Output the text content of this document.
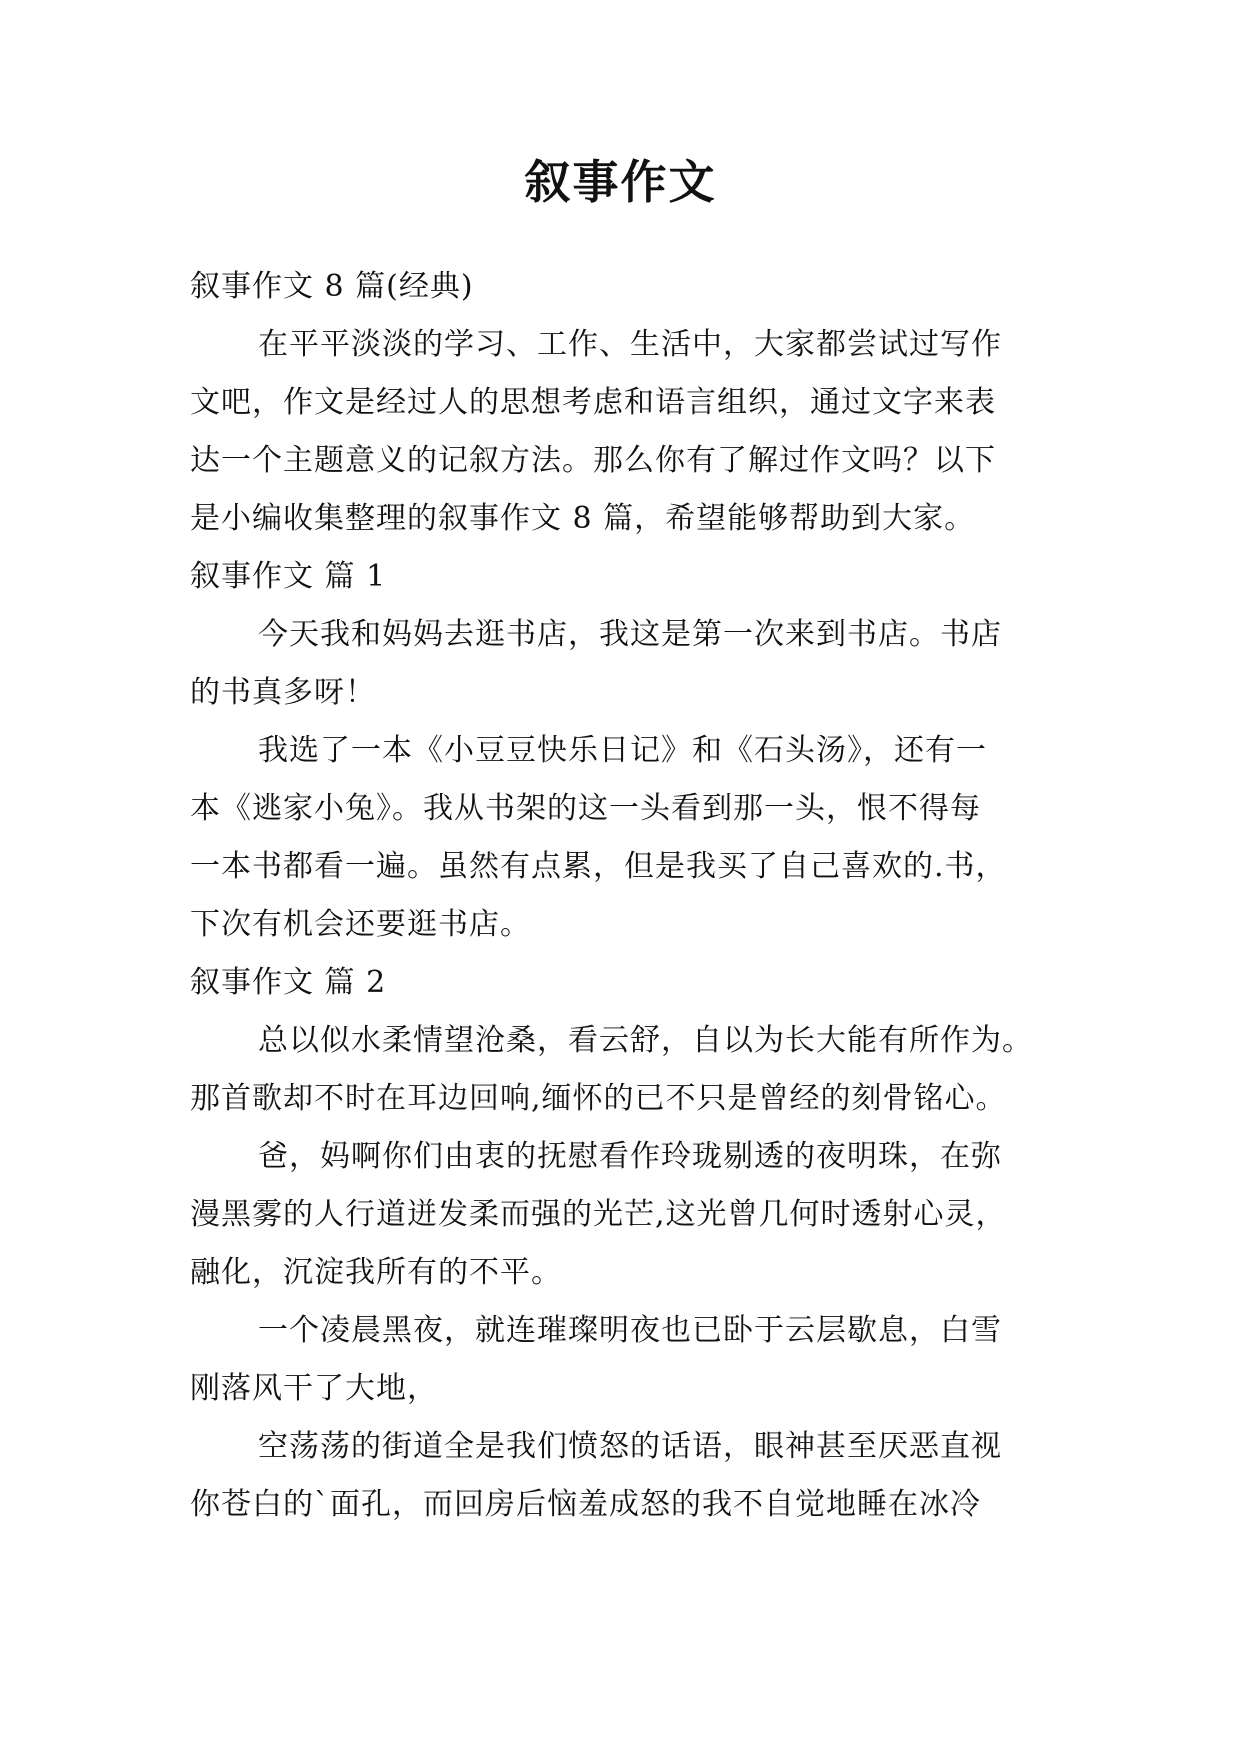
叙事作文

叙事作文 8 篇(经典)

在平平淡淡的学习、工作、生活中，大家都尝试过写作
文吧，作文是经过人的思想考虑和语言组织，通过文字来表
达一个主题意义的记叙方法。那么你有了解过作文吗？以下
是小编收集整理的叙事作文 8 篇，希望能够帮助到大家。

叙事作文 篇 1

今天我和妈妈去逛书店，我这是第一次来到书店。书店
的书真多呀！

我选了一本《小豆豆快乐日记》和《石头汤》，还有一
本《逃家小兔》。我从书架的这一头看到那一头，恨不得每
一本书都看一遍。虽然有点累，但是我买了自己喜欢的.书，
下次有机会还要逛书店。

叙事作文 篇 2

总以似水柔情望沧桑，看云舒，自以为长大能有所作为。
那首歌却不时在耳边回响,缅怀的已不只是曾经的刻骨铭心。

爸，妈啊你们由衷的抚慰看作玲珑剔透的夜明珠，在弥
漫黑雾的人行道迸发柔而强的光芒,这光曾几何时透射心灵，
融化，沉淀我所有的不平。

一个凌晨黑夜，就连璀璨明夜也已卧于云层歇息，白雪
刚落风干了大地，

空荡荡的街道全是我们愤怒的话语，眼神甚至厌恶直视
你苍白的`面孔，而回房后恼羞成怒的我不自觉地睡在冰冷
